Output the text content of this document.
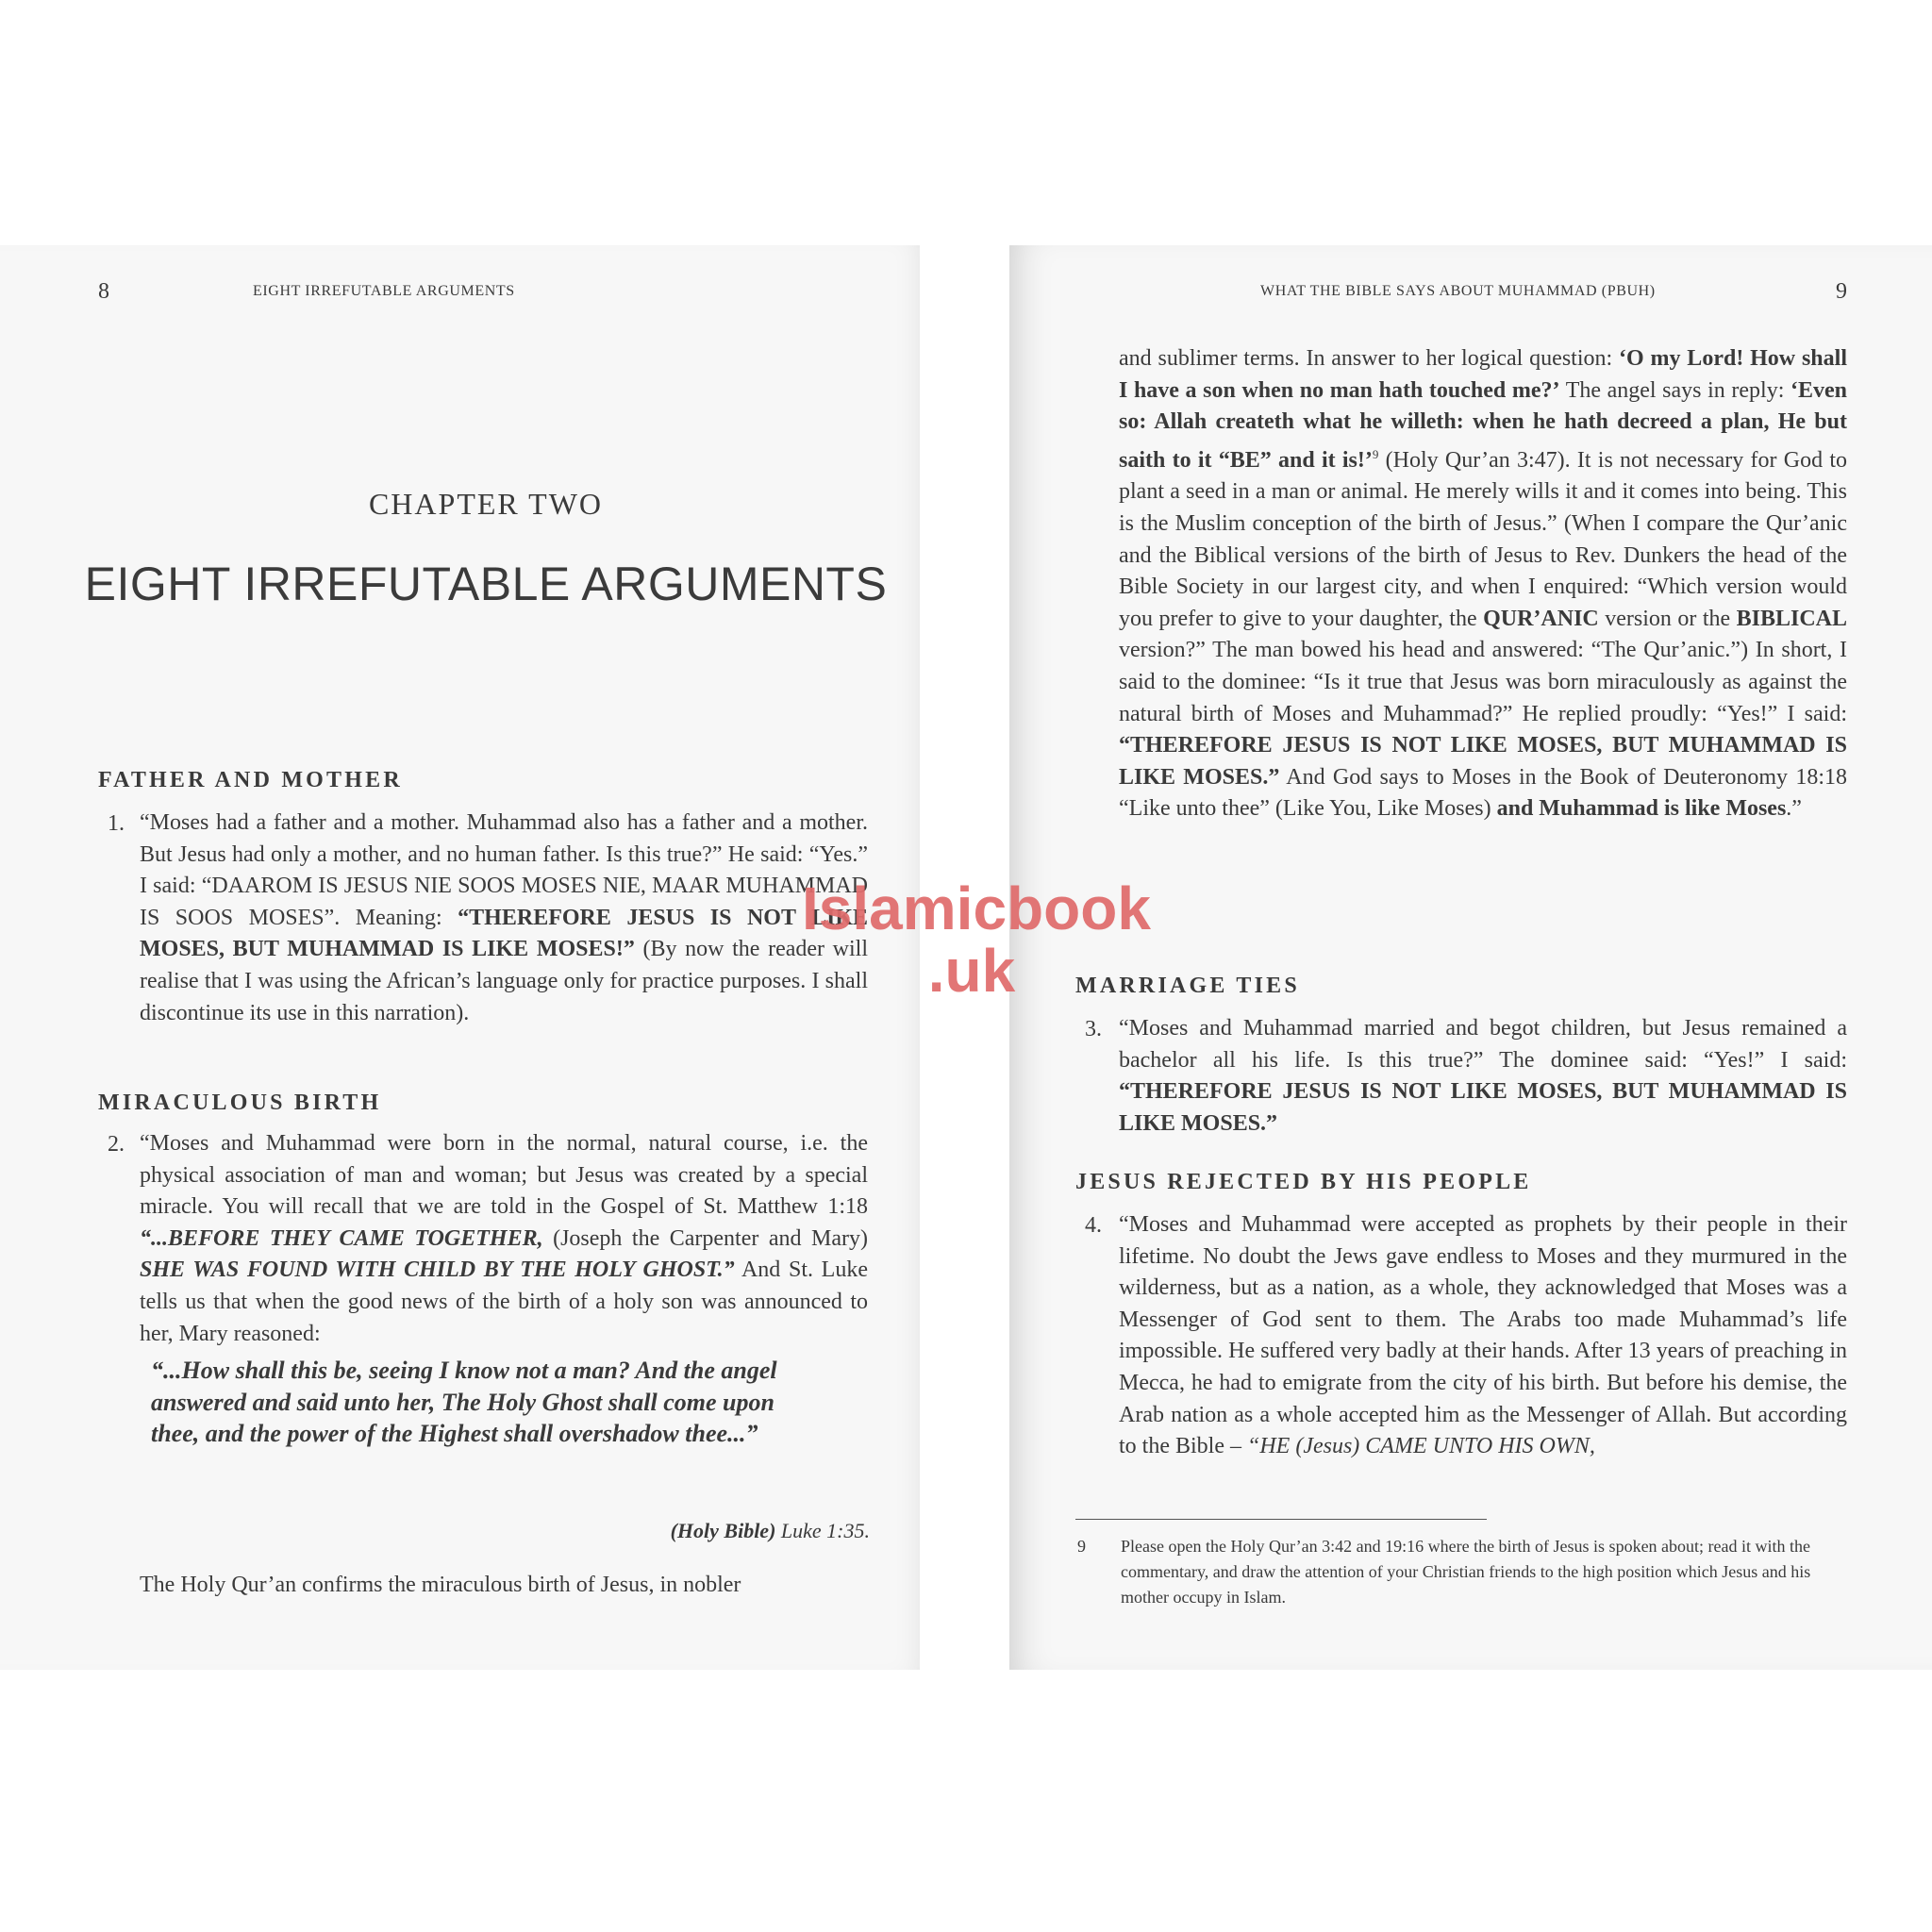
8	EIGHT IRREFUTABLE ARGUMENTS
CHAPTER TWO
EIGHT IRREFUTABLE ARGUMENTS
FATHER AND MOTHER
1. “Moses had a father and a mother. Muhammad also has a father and a mother. But Jesus had only a mother, and no human father. Is this true?” He said: “Yes.” I said: “DAAROM IS JESUS NIE SOOS MOSES NIE, MAAR MUHAMMAD IS SOOS MOSES”. Meaning: “THEREFORE JESUS IS NOT LIKE MOSES, BUT MUHAMMAD IS LIKE MOSES!” (By now the reader will realise that I was using the African’s language only for practice purposes. I shall discontinue its use in this narration).
MIRACULOUS BIRTH
2. “Moses and Muhammad were born in the normal, natural course, i.e. the physical association of man and woman; but Jesus was created by a special miracle. You will recall that we are told in the Gospel of St. Matthew 1:18 “...BEFORE THEY CAME TOGETHER, (Joseph the Carpenter and Mary) SHE WAS FOUND WITH CHILD BY THE HOLY GHOST.” And St. Luke tells us that when the good news of the birth of a holy son was announced to her, Mary reasoned:
“...How shall this be, seeing I know not a man? And the angel answered and said unto her, The Holy Ghost shall come upon thee, and the power of the Highest shall overshadow thee...”
(Holy Bible) Luke 1:35.
The Holy Qur’an confirms the miraculous birth of Jesus, in nobler
WHAT THE BIBLE SAYS ABOUT MUHAMMAD (PBUH)	9
and sublimer terms. In answer to her logical question: ‘O my Lord! How shall I have a son when no man hath touched me?’ The angel says in reply: ‘Even so: Allah createth what he willeth: when he hath decreed a plan, He but saith to it “BE” and it is!’$^9$ (Holy Qur’an 3:47). It is not necessary for God to plant a seed in a man or animal. He merely wills it and it comes into being. This is the Muslim conception of the birth of Jesus.” (When I compare the Qur’anic and the Biblical versions of the birth of Jesus to Rev. Dunkers the head of the Bible Society in our largest city, and when I enquired: “Which version would you prefer to give to your daughter, the QUR’ANIC version or the BIBLICAL version?” The man bowed his head and answered: “The Qur’anic.”) In short, I said to the dominee: “Is it true that Jesus was born miraculously as against the natural birth of Moses and Muhammad?” He replied proudly: “Yes!” I said: “THEREFORE JESUS IS NOT LIKE MOSES, BUT MUHAMMAD IS LIKE MOSES.” And God says to Moses in the Book of Deuteronomy 18:18 “Like unto thee” (Like You, Like Moses) and Muhammad is like Moses.”
MARRIAGE TIES
3. “Moses and Muhammad married and begot children, but Jesus remained a bachelor all his life. Is this true?” The dominee said: “Yes!” I said: “THEREFORE JESUS IS NOT LIKE MOSES, BUT MUHAMMAD IS LIKE MOSES.”
JESUS REJECTED BY HIS PEOPLE
4. “Moses and Muhammad were accepted as prophets by their people in their lifetime. No doubt the Jews gave endless to Moses and they murmured in the wilderness, but as a nation, as a whole, they acknowledged that Moses was a Messenger of God sent to them. The Arabs too made Muhammad’s life impossible. He suffered very badly at their hands. After 13 years of preaching in Mecca, he had to emigrate from the city of his birth. But before his demise, the Arab nation as a whole accepted him as the Messenger of Allah. But according to the Bible – “HE (Jesus) CAME UNTO HIS OWN,
9 Please open the Holy Qur’an 3:42 and 19:16 where the birth of Jesus is spoken about; read it with the commentary, and draw the attention of your Christian friends to the high position which Jesus and his mother occupy in Islam.
Islamicbook
.uk
